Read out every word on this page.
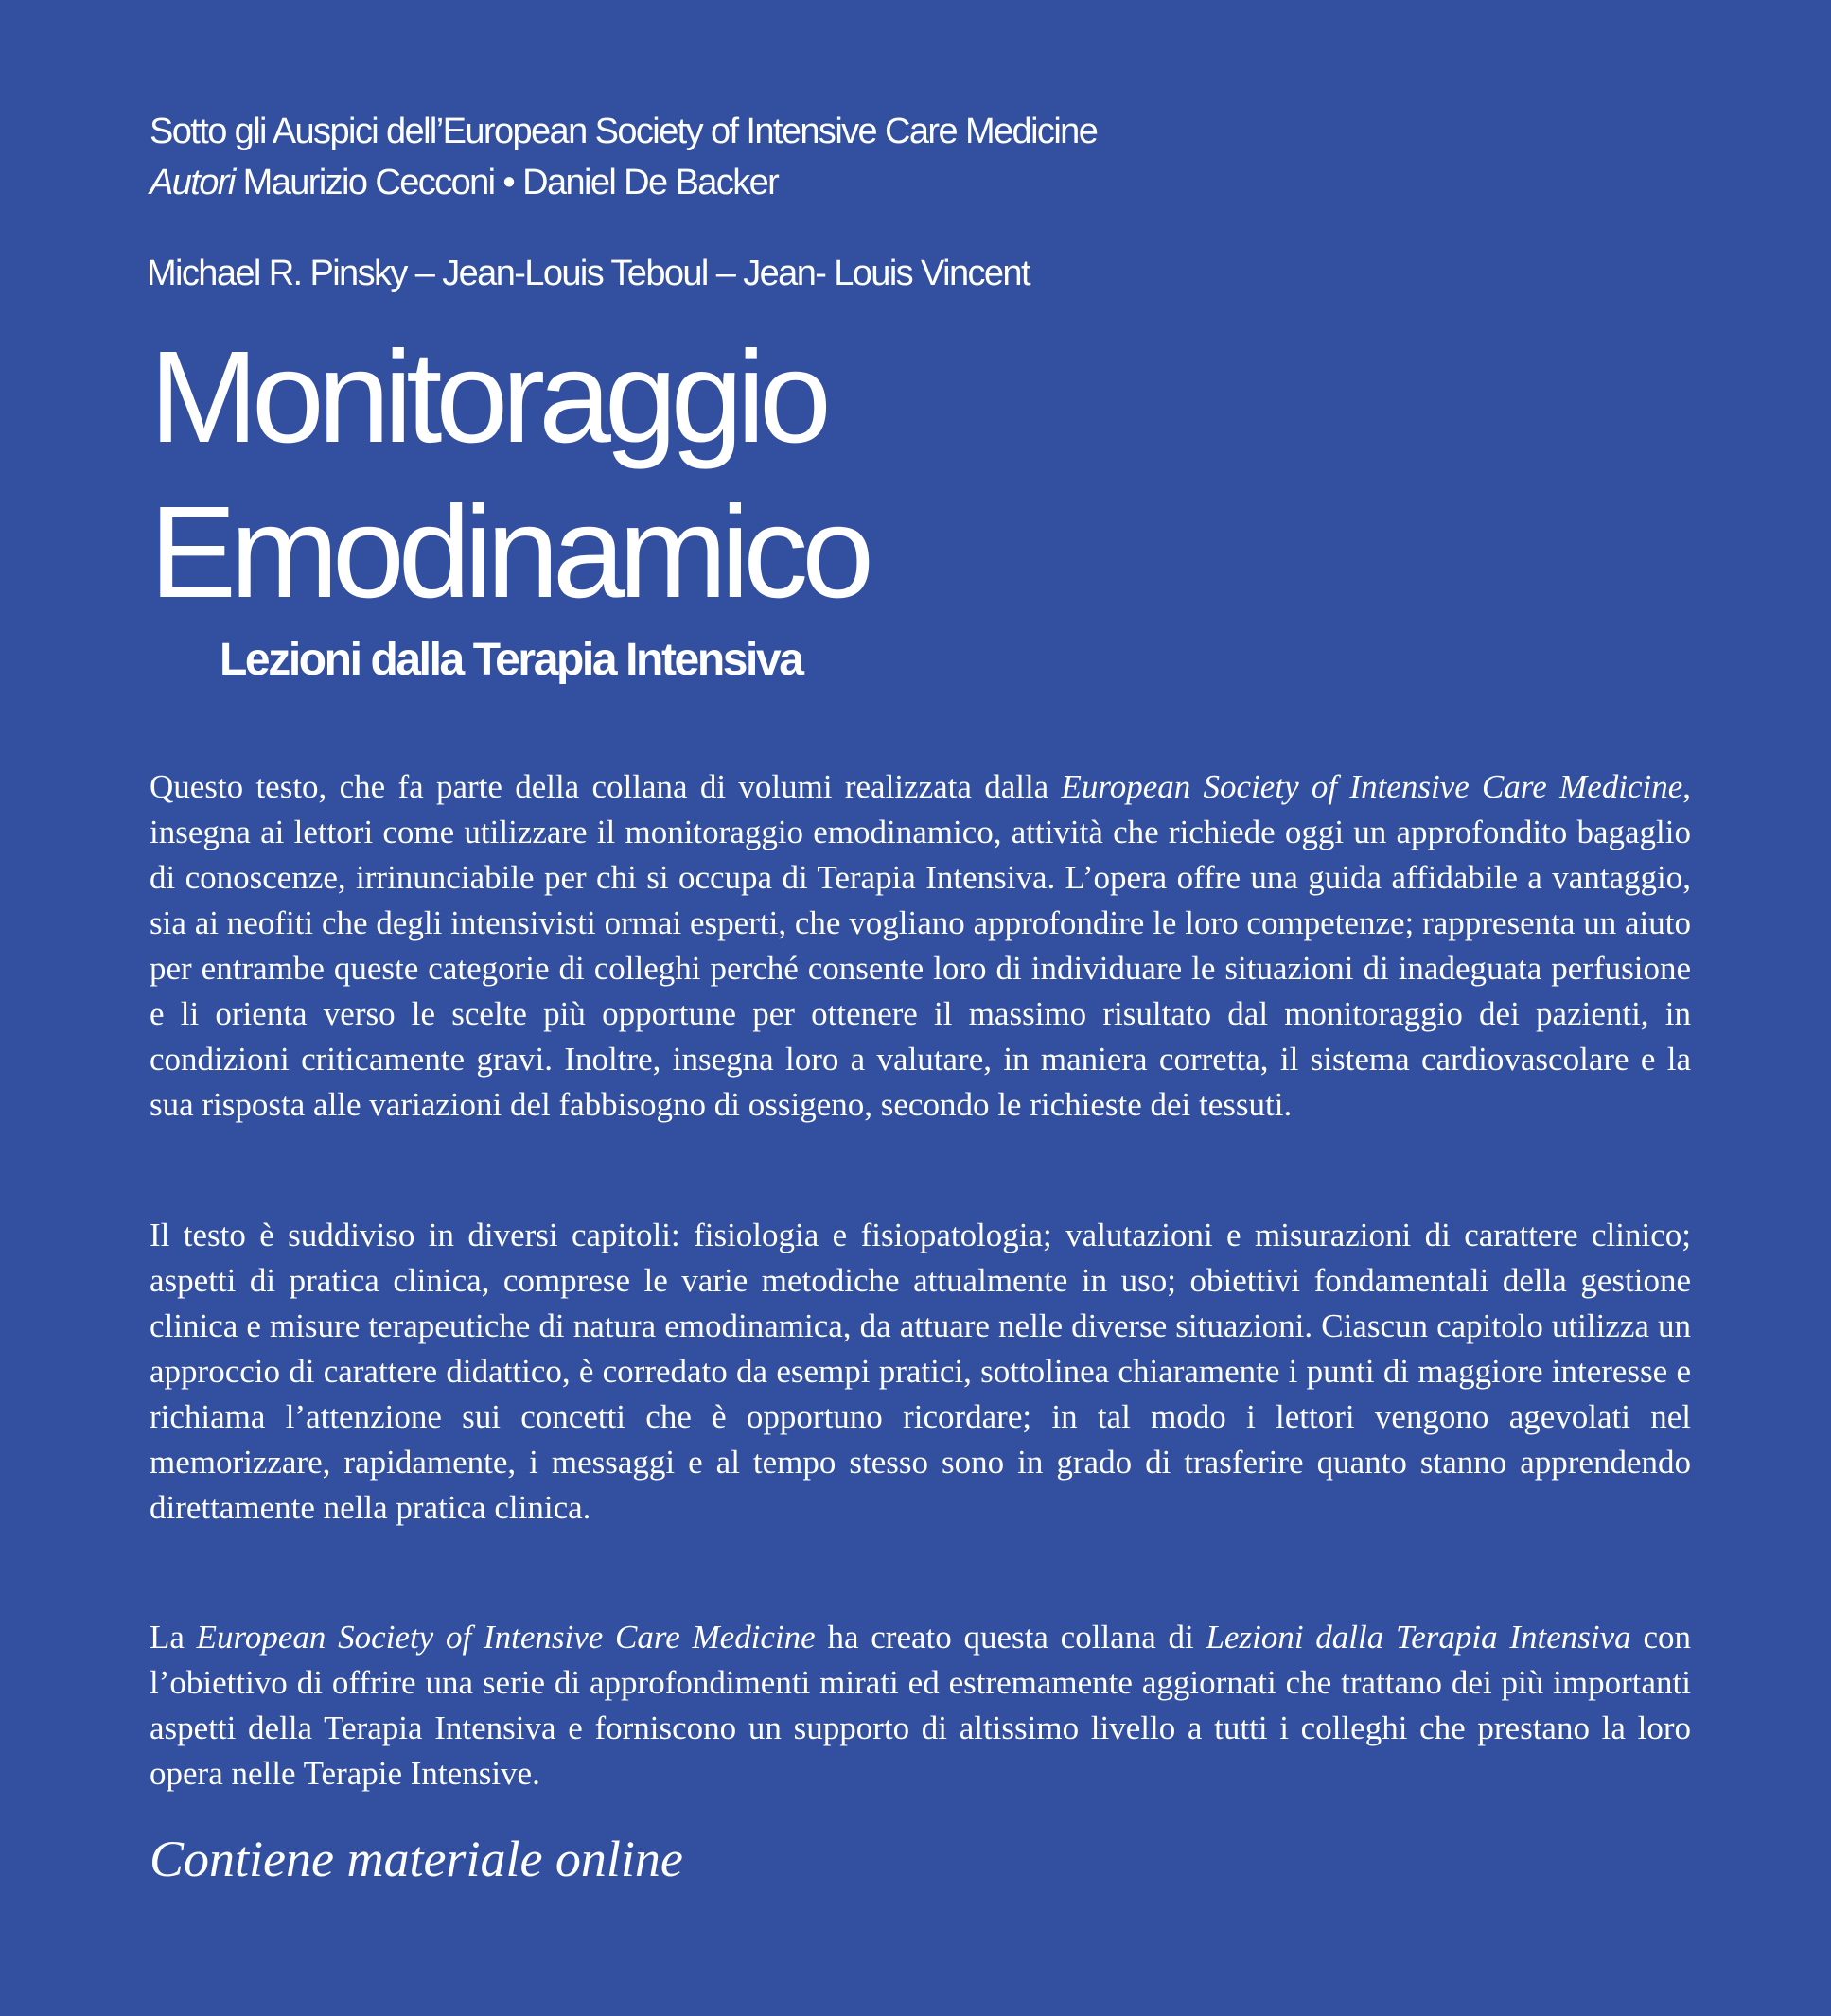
Sotto gli Auspici dell’European Society of Intensive Care Medicine
Autori Maurizio Cecconi • Daniel De Backer
Michael R. Pinsky – Jean-Louis Teboul – Jean- Louis Vincent
Monitoraggio
Emodinamico
Lezioni dalla Terapia Intensiva

Questo testo, che fa parte della collana di volumi realizzata dalla European Society of Intensive Care Medicine, insegna ai lettori come utilizzare il monitoraggio emodinamico, attività che richiede oggi un approfondito bagaglio di conoscenze, irrinunciabile per chi si occupa di Terapia Intensiva. L’opera offre una guida affidabile a vantaggio, sia ai neofiti che degli intensivisti ormai esperti, che vogliano approfondire le loro competenze; rappresenta un aiuto per entrambe queste categorie di colleghi perché consente loro di individuare le situazioni di inadeguata perfusione e li orienta verso le scelte più opportune per ottenere il massimo risultato dal monitoraggio dei pazienti, in condizioni criticamente gravi. Inoltre, insegna loro a valutare, in maniera corretta, il sistema cardiovascolare e la sua risposta alle variazioni del fabbisogno di ossigeno, secondo le richieste dei tessuti.

Il testo è suddiviso in diversi capitoli: fisiologia e fisiopatologia; valutazioni e misurazioni di carattere clinico; aspetti di pratica clinica, comprese le varie metodiche attualmente in uso; obiettivi fondamentali della gestione clinica e misure terapeutiche di natura emodinamica, da attuare nelle diverse situazioni. Ciascun capitolo utilizza un approccio di carattere didattico, è corredato da esempi pratici, sottolinea chiaramente i punti di maggiore interesse e richiama l’attenzione sui concetti che è opportuno ricordare; in tal modo i lettori vengono agevolati nel memorizzare, rapidamente, i messaggi e al tempo stesso sono in grado di trasferire quanto stanno apprendendo direttamente nella pratica clinica.

La European Society of Intensive Care Medicine ha creato questa collana di Lezioni dalla Terapia Intensiva con l’obiettivo di offrire una serie di approfondimenti mirati ed estremamente aggiornati che trattano dei più importanti aspetti della Terapia Intensiva e forniscono un supporto di altissimo livello a tutti i colleghi che prestano la loro opera nelle Terapie Intensive.

Contiene materiale online
